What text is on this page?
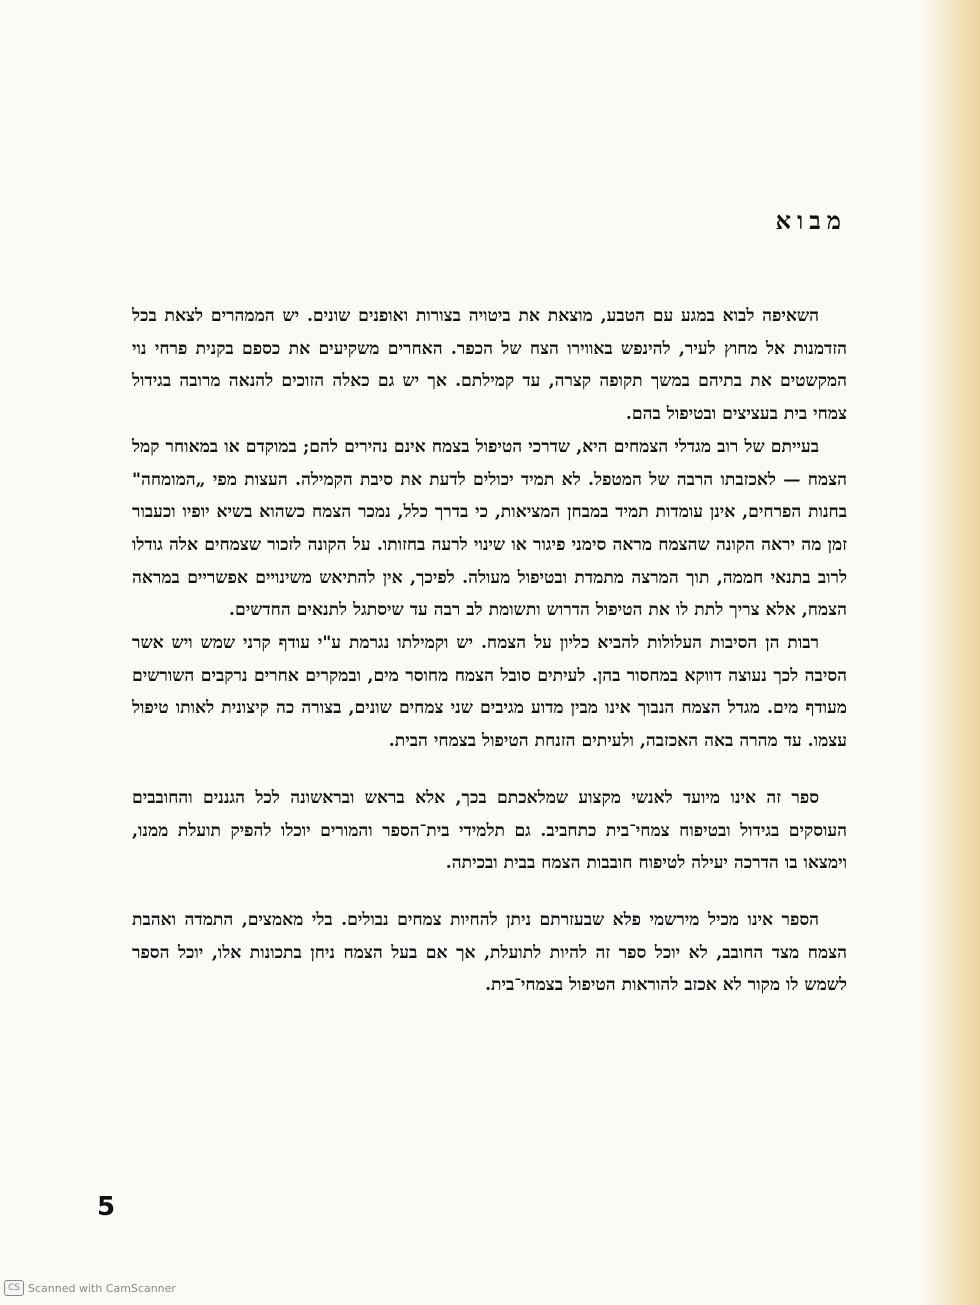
מבוא

השאיפה לבוא במגע עם הטבע, מוצאת את ביטויה בצורות ואופנים שונים. יש הממהרים לצאת בכל הזדמנות אל מחוץ לעיר, להינפש באווירו הצח של הכפר. האחרים משקיעים את כספם בקנית פרחי נוי המקשטים את בתיהם במשך תקופה קצרה, עד קמילתם. אך יש גם כאלה הזוכים להנאה מרובה בגידול צמחי בית בעציצים ובטיפול בהם.

בעייתם של רוב מגדלי הצמחים היא, שדרכי הטיפול בצמח אינם נהירים להם; במוקדם או במאוחר קמל הצמח — לאכזבתו הרבה של המטפל. לא תמיד יכולים לדעת את סיבת הקמילה. העצות מפי „המומחה" בחנות הפרחים, אינן עומדות תמיד במבחן המציאות, כי בדרך כלל, נמכר הצמח כשהוא בשיא יופיו וכעבור זמן מה יראה הקונה שהצמח מראה סימני פיגור או שינוי לרעה בחזותו. על הקונה לזכור שצמחים אלה גודלו לרוב בתנאי חממה, תוך המרצה מתמדת ובטיפול מעולה. לפיכך, אין להתיאש משינויים אפשריים במראה הצמח, אלא צריך לתת לו את הטיפול הדרוש ותשומת לב רבה עד שיסתגל לתנאים החדשים.

רבות הן הסיבות העלולות להביא כליון על הצמח. יש וקמילתו נגרמת ע"י עודף קרני שמש ויש אשר הסיבה לכך נעוצה דווקא במחסור בהן. לעיתים סובל הצמח מחוסר מים, ובמקרים אחרים נרקבים השורשים מעודף מים. מגדל הצמח הנבוך אינו מבין מדוע מגיבים שני צמחים שונים, בצורה כה קיצונית לאותו טיפול עצמו. עד מהרה באה האכזבה, ולעיתים הזנחת הטיפול בצמחי הבית.

ספר זה אינו מיועד לאנשי מקצוע שמלאכתם בכך, אלא בראש ובראשונה לכל הגננים והחובבים העוסקים בגידול ובטיפוח צמחי־בית כתחביב. גם תלמידי בית־הספר והמורים יוכלו להפיק תועלת ממנו, וימצאו בו הדרכה יעילה לטיפוח חובבות הצמח בבית ובכיתה.

הספר אינו מכיל מירשמי פלא שבעזרתם ניתן להחיות צמחים נבולים. בלי מאמצים, התמדה ואהבת הצמח מצד החובב, לא יוכל ספר זה להיות לתועלת, אך אם בעל הצמח ניחן בתכונות אלו, יוכל הספר לשמש לו מקור לא אכזב להוראות הטיפול בצמחי־בית.

5
CS Scanned with CamScanner
